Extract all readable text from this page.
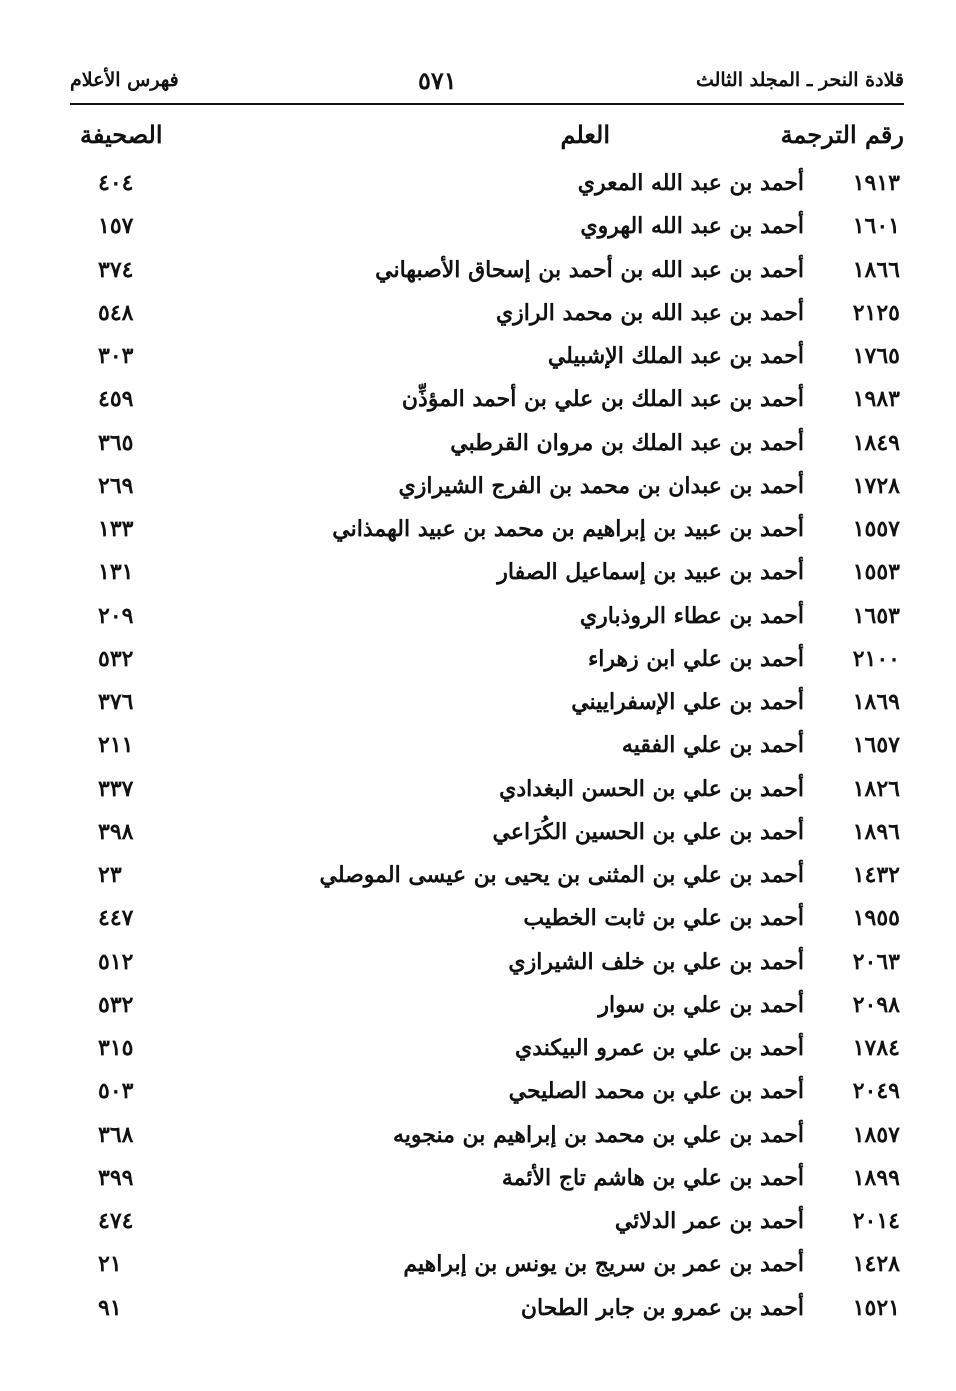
قلادة النحر ـ المجلد الثالث
٥٧١
فهرس الأعلام
رقم الترجمة
العلم
الصحيفة
١٩١٣
أحمد بن عبد الله المعري
٤٠٤
١٦٠١
أحمد بن عبد الله الهروي
١٥٧
١٨٦٦
أحمد بن عبد الله بن أحمد بن إسحاق الأصبهاني
٣٧٤
٢١٢٥
أحمد بن عبد الله بن محمد الرازي
٥٤٨
١٧٦٥
أحمد بن عبد الملك الإشبيلي
٣٠٣
١٩٨٣
أحمد بن عبد الملك بن علي بن أحمد المؤذِّن
٤٥٩
١٨٤٩
أحمد بن عبد الملك بن مروان القرطبي
٣٦٥
١٧٢٨
أحمد بن عبدان بن محمد بن الفرج الشيرازي
٢٦٩
١٥٥٧
أحمد بن عبيد بن إبراهيم بن محمد بن عبيد الهمذاني
١٣٣
١٥٥٣
أحمد بن عبيد بن إسماعيل الصفار
١٣١
١٦٥٣
أحمد بن عطاء الروذباري
٢٠٩
٢١٠٠
أحمد بن علي ابن زهراء
٥٣٢
١٨٦٩
أحمد بن علي الإسفراييني
٣٧٦
١٦٥٧
أحمد بن علي الفقيه
٢١١
١٨٢٦
أحمد بن علي بن الحسن البغدادي
٣٣٧
١٨٩٦
أحمد بن علي بن الحسين الكُرَاعي
٣٩٨
١٤٣٢
أحمد بن علي بن المثنى بن يحيى بن عيسى الموصلي
٢٣
١٩٥٥
أحمد بن علي بن ثابت الخطيب
٤٤٧
٢٠٦٣
أحمد بن علي بن خلف الشيرازي
٥١٢
٢٠٩٨
أحمد بن علي بن سوار
٥٣٢
١٧٨٤
أحمد بن علي بن عمرو البيكندي
٣١٥
٢٠٤٩
أحمد بن علي بن محمد الصليحي
٥٠٣
١٨٥٧
أحمد بن علي بن محمد بن إبراهيم بن منجويه
٣٦٨
١٨٩٩
أحمد بن علي بن هاشم تاج الأئمة
٣٩٩
٢٠١٤
أحمد بن عمر الدلائي
٤٧٤
١٤٢٨
أحمد بن عمر بن سريج بن يونس بن إبراهيم
٢١
١٥٢١
أحمد بن عمرو بن جابر الطحان
٩١
